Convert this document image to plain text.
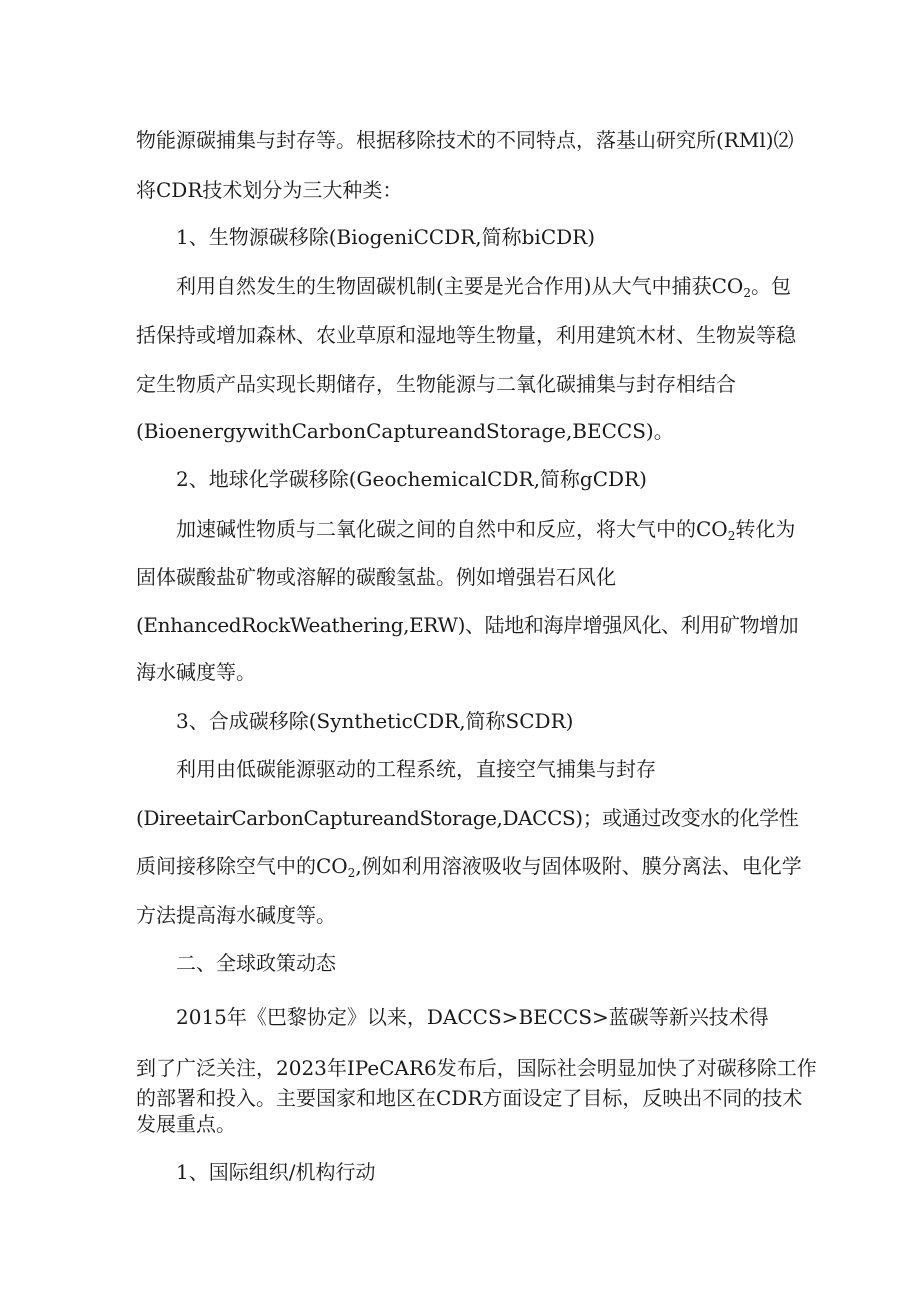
物能源碳捕集与封存等。根据移除技术的不同特点，落基山研究所(RMl)⑵
将CDR技术划分为三大种类：
1、生物源碳移除(BiogeniCCDR,简称biCDR)
利用自然发生的生物固碳机制(主要是光合作用)从大气中捕获$CO_2$。包
括保持或增加森林、农业草原和湿地等生物量，利用建筑木材、生物炭等稳
定生物质产品实现长期储存，生物能源与二氧化碳捕集与封存相结合
(BioenergywithCarbonCaptureandStorage,BECCS)。
2、地球化学碳移除(GeochemicalCDR,简称gCDR)
加速碱性物质与二氧化碳之间的自然中和反应，将大气中的$CO_2$转化为
固体碳酸盐矿物或溶解的碳酸氢盐。例如增强岩石风化
(EnhancedRockWeathering,ERW)、陆地和海岸增强风化、利用矿物增加
海水碱度等。
3、合成碳移除(SyntheticCDR,简称SCDR)
利用由低碳能源驱动的工程系统，直接空气捕集与封存
(DireetairCarbonCaptureandStorage,DACCS)；或通过改变水的化学性
质间接移除空气中的$CO_2$,例如利用溶液吸收与固体吸附、膜分离法、电化学
方法提高海水碱度等。
二、全球政策动态
2015年《巴黎协定》以来，DACCS>BECCS>蓝碳等新兴技术得
到了广泛关注，2023年IPeCAR6发布后，国际社会明显加快了对碳移除工作
的部署和投入。主要国家和地区在CDR方面设定了目标，反映出不同的技术
发展重点。
1、国际组织/机构行动
